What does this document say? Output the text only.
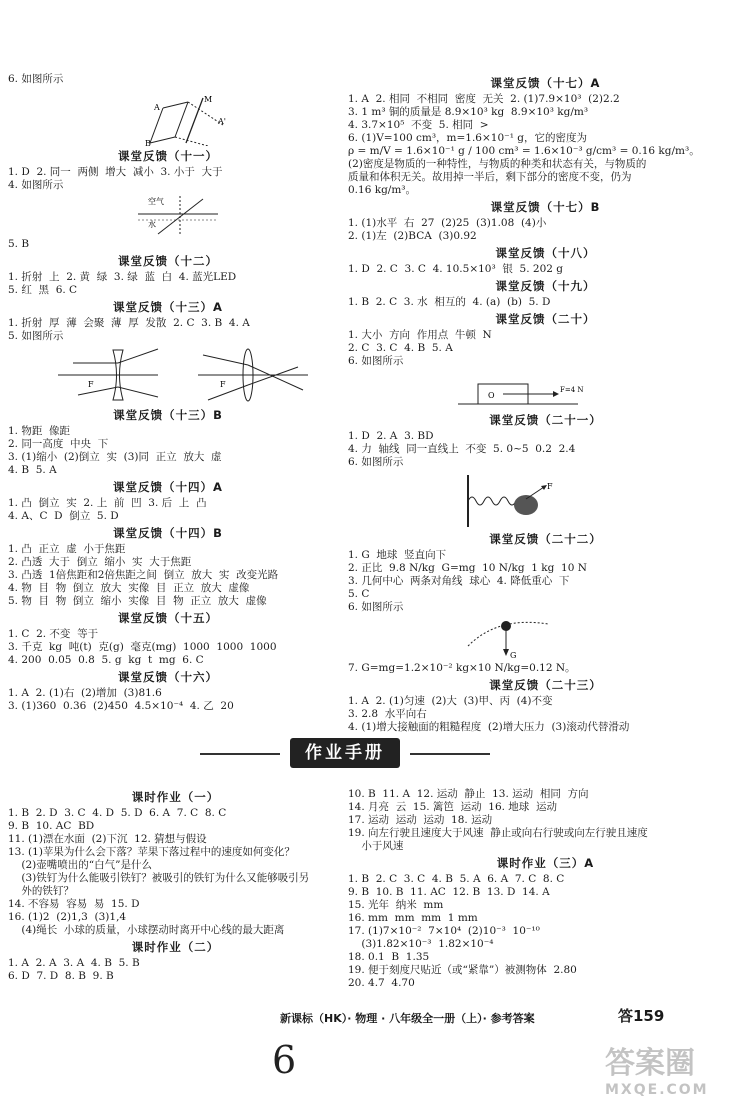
6. 如图所示
A
M
A'
B
课堂反馈（十一）
1. D  2. 同一  两侧  增大  减小  3. 小于  大于
4. 如图所示
空气
水
5. B
课堂反馈（十二）
1. 折射  上  2. 黄  绿  3. 绿  蓝  白  4. 蓝光LED
5. 红  黑  6. C
课堂反馈（十三）A
1. 折射  厚  薄  会聚  薄  厚  发散  2. C  3. B  4. A
5. 如图所示
F	F
课堂反馈（十三）B
1. 物距  像距
2. 同一高度  中央  下
3. (1)缩小  (2)倒立  实  (3)同  正立  放大  虚
4. B  5. A
课堂反馈（十四）A
1. 凸  倒立  实  2. 上  前  凹  3. 后  上  凸
4. A、C  D  倒立  5. D
课堂反馈（十四）B
1. 凸  正立  虚  小于焦距
2. 凸透  大于  倒立  缩小  实  大于焦距
3. 凸透  1倍焦距和2倍焦距之间  倒立  放大  实  改变光路
4. 物  目  物  倒立  放大  实像  目  正立  放大  虚像
5. 物  目  物  倒立  缩小  实像  目  物  正立  放大  虚像
课堂反馈（十五）
1. C  2. 不变  等于
3. 千克  kg  吨(t)  克(g)  毫克(mg)  1000  1000  1000
4. 200  0.05  0.8  5. g  kg  t  mg  6. C
课堂反馈（十六）
1. A  2. (1)右  (2)增加  (3)81.6
3. (1)360  0.36  (2)450  4.5×10⁻⁴  4. 乙  20
课堂反馈（十七）A
1. A  2. 相同  不相同  密度  无关  2. (1)7.9×10³  (2)2.2
3. 1 m³ 铜的质量是 8.9×10³ kg  8.9×10³ kg/m³
4. 3.7×10⁵  不变  5. 相同  >
6. (1)V=100 cm³，m=1.6×10⁻¹ g，它的密度为
ρ = m/V = 1.6×10⁻¹ g / 100 cm³ = 1.6×10⁻³ g/cm³ = 0.16 kg/m³。
(2)密度是物质的一种特性，与物质的种类和状态有关，与物质的
质量和体积无关。故用掉一半后，剩下部分的密度不变，仍为
0.16 kg/m³。
课堂反馈（十七）B
1. (1)水平  右  27  (2)25  (3)1.08  (4)小
2. (1)左  (2)BCA  (3)0.92
课堂反馈（十八）
1. D  2. C  3. C  4. 10.5×10³  银  5. 202 g
课堂反馈（十九）
1. B  2. C  3. 水  相互的  4. (a)  (b)  5. D
课堂反馈（二十）
1. 大小  方向  作用点  牛顿  N
2. C  3. C  4. B  5. A
6. 如图所示
O
F=4 N
课堂反馈（二十一）
1. D  2. A  3. BD
4. 力  轴线  同一直线上  不变  5. 0~5  0.2  2.4
6. 如图所示
F
课堂反馈（二十二）
1. G  地球  竖直向下
2. 正比  9.8 N/kg  G=mg  10 N/kg  1 kg  10 N
3. 几何中心  两条对角线  球心  4. 降低重心  下
5. C
6. 如图所示
G
7. G=mg=1.2×10⁻² kg×10 N/kg=0.12 N。
课堂反馈（二十三）
1. A  2. (1)匀速  (2)大  (3)甲、丙  (4)不变
3. 2.8  水平向右
4. (1)增大接触面的粗糙程度  (2)增大压力  (3)滚动代替滑动
作业手册
课时作业（一）
1. B  2. D  3. C  4. D  5. D  6. A  7. C  8. C
9. B  10. AC  BD
11. (1)漂在水面  (2)下沉  12. 猜想与假设
13. (1)苹果为什么会下落？苹果下落过程中的速度如何变化？
(2)壶嘴喷出的“白气”是什么
(3)铁钉为什么能吸引铁钉？被吸引的铁钉为什么又能够吸引另
外的铁钉？
14. 不容易  容易  易  15. D
16. (1)2  (2)1,3  (3)1,4
(4)绳长  小球的质量，小球摆动时离开中心线的最大距离
课时作业（二）
1. A  2. A  3. A  4. B  5. B
6. D  7. D  8. B  9. B
10. B  11. A  12. 运动  静止  13. 运动  相同  方向
14. 月亮  云  15. 篱笆  运动  16. 地球  运动
17. 运动  运动  运动  18. 运动
19. 向左行驶且速度大于风速  静止或向右行驶或向左行驶且速度
小于风速
课时作业（三）A
1. B  2. C  3. C  4. B  5. A  6. A  7. C  8. C
9. B  10. B  11. AC  12. B  13. D  14. A
15. 光年  纳米  mm
16. mm  mm  mm  1 mm
17. (1)7×10⁻²  7×10⁴  (2)10⁻³  10⁻¹⁰
(3)1.82×10⁻³  1.82×10⁻⁴
18. 0.1  B  1.35
19. 便于刻度尺贴近（或“紧靠”）被测物体  2.80
20. 4.7  4.70
新课标（HK）· 物理 · 八年级全一册（上）· 参考答案	答159
6	答案圈
MXQE.COM
